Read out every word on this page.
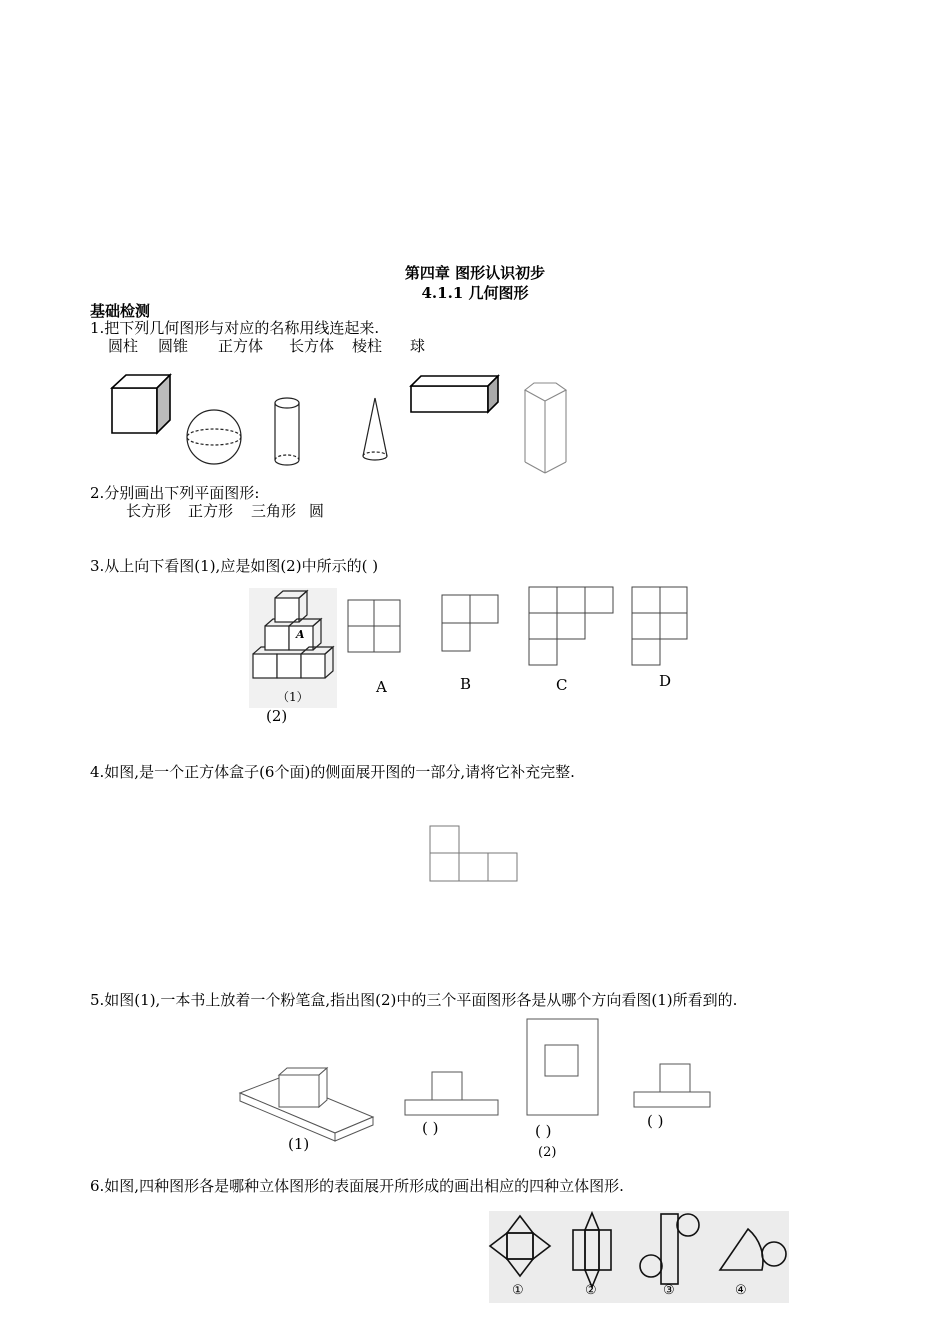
第四章 图形认识初步
4.1.1 几何图形
基础检测
1.把下列几何图形与对应的名称用线连起来.
圆柱 圆锥 正方体 长方体 棱柱 球
2.分别画出下列平面图形:
长方形 正方形 三角形 圆
3.从上向下看图(1),应是如图(2)中所示的( )
A
（1）
(2)
A	B	C	D
4.如图,是一个正方体盒子(6个面)的侧面展开图的一部分,请将它补充完整.
5.如图(1),一本书上放着一个粉笔盒,指出图(2)中的三个平面图形各是从哪个方向看图(1)所看到的.
(1)
( )	( )
( )
(2)
6.如图,四种图形各是哪种立体图形的表面展开所形成的画出相应的四种立体图形.
①	②	③	④
